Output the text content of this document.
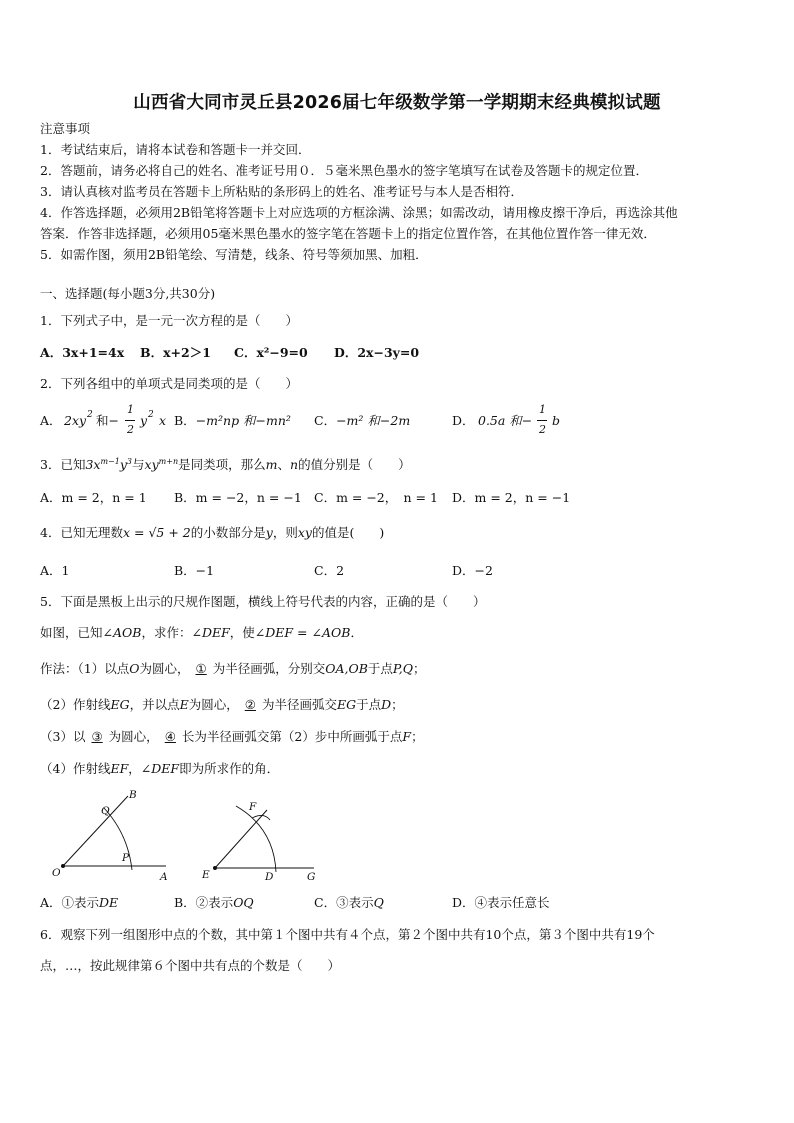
山西省大同市灵丘县2026届七年级数学第一学期期末经典模拟试题
注意事项
1．考试结束后，请将本试卷和答题卡一并交回．
2．答题前，请务必将自己的姓名、准考证号用０．５毫米黑色墨水的签字笔填写在试卷及答题卡的规定位置．
3．请认真核对监考员在答题卡上所粘贴的条形码上的姓名、准考证号与本人是否相符．
4．作答选择题，必须用2B铅笔将答题卡上对应选项的方框涂满、涂黑；如需改动，请用橡皮擦干净后，再选涂其他
答案．作答非选择题，必须用05毫米黑色墨水的签字笔在答题卡上的指定位置作答，在其他位置作答一律无效．
5．如需作图，须用2B铅笔绘、写清楚，线条、符号等须加黑、加粗．
一、选择题(每小题3分,共30分)
1．下列式子中，是一元一次方程的是（　　）
A．3x+1=4x B．x+2＞1 C．x²−9=0 D．2x−3y=0
2．下列各组中的单项式是同类项的是（　　）
A． 2xy 2 和−
1
2
y 2 x B．−m²np 和−mn² C．−m² 和−2m	D． 0.5a 和−
1
2
b
3．已知$3x^{m-1}y^3$与$xy^{m+n}$是同类项，那么m、n的值分别是（　　）
A．m = 2，n = 1 B．m = −2，n = −1 C．m = −2，　n = 1 D．m = 2，n = −1
4．已知无理数x = √5 + 2的小数部分是y，则xy的值是(　　)
A．1	B．−1	C．2	D．−2
5．下面是黑板上出示的尺规作图题，横线上符号代表的内容，正确的是（　　）
如图，已知∠AOB，求作：∠DEF，使∠DEF = ∠AOB．
作法：（1）以点O为圆心， ① 为半径画弧，分别交OA,OB于点P,Q；
（2）作射线EG，并以点E为圆心， ② 为半径画弧交EG于点D；
（3）以 ③ 为圆心， ④ 长为半径画弧交第（2）步中所画弧于点F；
（4）作射线EF，∠DEF即为所求作的角．
B
Q
O
P
A
F
E	D	G
A．①表示DE	B．②表示OQ	C．③表示Q	D．④表示任意长
6．观察下列一组图形中点的个数，其中第１个图中共有４个点，第２个图中共有10个点，第３个图中共有19个
点，…，按此规律第６个图中共有点的个数是（　　）
